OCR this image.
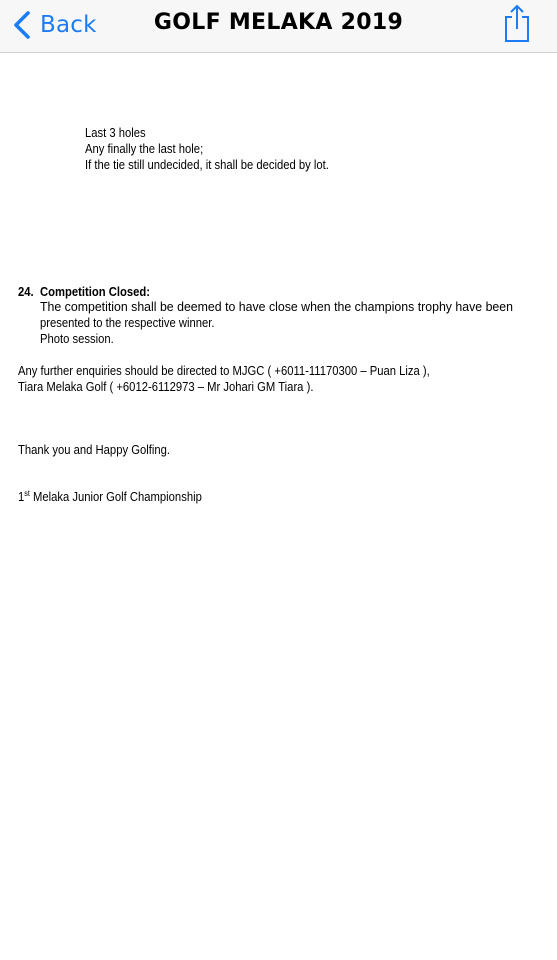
Back	GOLF MELAKA 2019
Last 3 holes
Any finally the last hole;
If the tie still undecided, it shall be decided by lot.
24. Competition Closed:
The competition shall be deemed to have close when the champions trophy have been
presented to the respective winner.
Photo session.
Any further enquiries should be directed to MJGC ( +6011-11170300 – Puan Liza ),
Tiara Melaka Golf ( +6012-6112973 – Mr Johari GM Tiara ).
Thank you and Happy Golfing.
1st Melaka Junior Golf Championship
